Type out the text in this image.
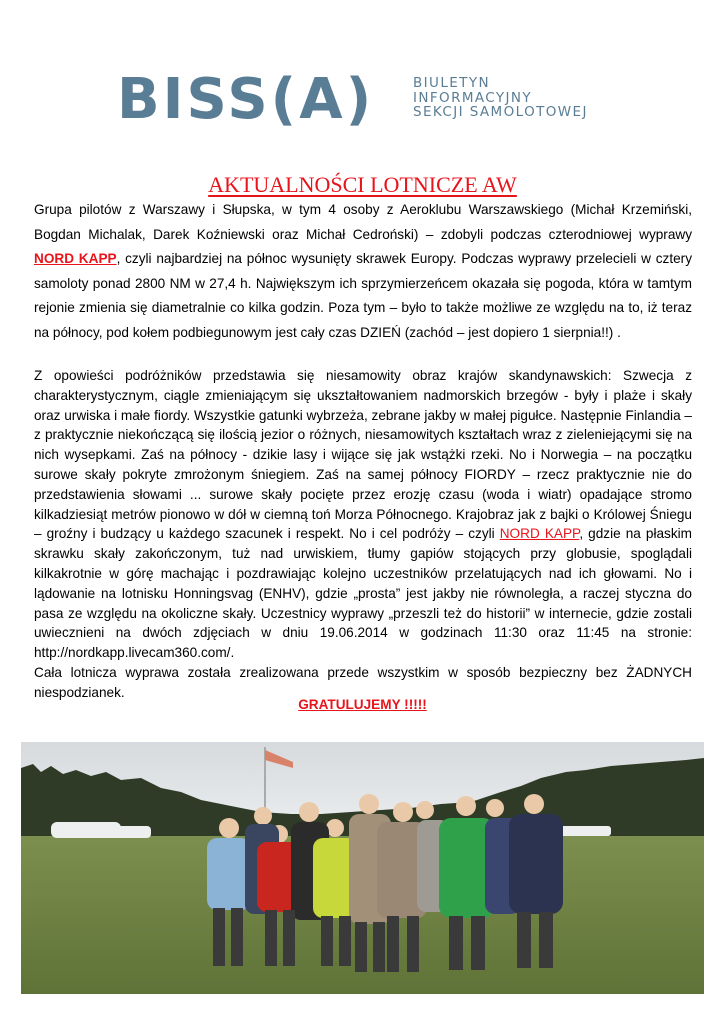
BISS(A)	BIULETYN
INFORMACYJNY
SEKCJI SAMOLOTOWEJ
AKTUALNOŚCI LOTNICZE AW
Grupa pilotów z Warszawy i Słupska, w tym 4 osoby z Aeroklubu Warszawskiego (Michał Krzemiński, Bogdan Michalak, Darek Koźniewski oraz Michał Cedroński) – zdobyli podczas czterodniowej wyprawy NORD KAPP, czyli najbardziej na północ wysunięty skrawek Europy. Podczas wyprawy przelecieli w cztery samoloty ponad 2800 NM w 27,4 h. Największym ich sprzymierzeńcem okazała się pogoda, która w tamtym rejonie zmienia się diametralnie co kilka godzin. Poza tym – było to także możliwe ze względu na to, iż teraz na północy, pod kołem podbiegunowym jest cały czas DZIEŃ (zachód – jest dopiero 1 sierpnia!!) .
Z opowieści podróżników przedstawia się niesamowity obraz krajów skandynawskich: Szwecja z charakterystycznym, ciągle zmieniającym się ukształtowaniem nadmorskich brzegów - były i plaże i skały oraz urwiska i małe fiordy. Wszystkie gatunki wybrzeża, zebrane jakby w małej pigułce. Następnie Finlandia – z praktycznie niekończącą się ilością jezior o różnych, niesamowitych kształtach wraz z zieleniejącymi się na nich wysepkami. Zaś na północy - dzikie lasy i wijące się jak wstążki rzeki. No i Norwegia – na początku surowe skały pokryte zmrożonym śniegiem. Zaś na samej północy FIORDY – rzecz praktycznie nie do przedstawienia słowami ... surowe skały pocięte przez erozję czasu (woda i wiatr) opadające stromo kilkadziesiąt metrów pionowo w dół w ciemną toń Morza Północnego. Krajobraz jak z bajki o Królowej Śniegu – groźny i budzący u każdego szacunek i respekt. No i cel podróży – czyli NORD KAPP, gdzie na płaskim skrawku skały zakończonym, tuż nad urwiskiem, tłumy gapiów stojących przy globusie, spoglądali kilkakrotnie w górę machając i pozdrawiając kolejno uczestników przelatujących nad ich głowami. No i lądowanie na lotnisku Honningsvag (ENHV), gdzie „prosta” jest jakby nie równoległa, a raczej styczna do pasa ze względu na okoliczne skały. Uczestnicy wyprawy „przeszli też do historii” w internecie, gdzie zostali uwiecznieni na dwóch zdjęciach w dniu 19.06.2014 w godzinach 11:30 oraz 11:45 na stronie: http://nordkapp.livecam360.com/.
Cała lotnicza wyprawa została zrealizowana przede wszystkim w sposób bezpieczny bez ŻADNYCH niespodzianek.
GRATULUJEMY !!!!!
